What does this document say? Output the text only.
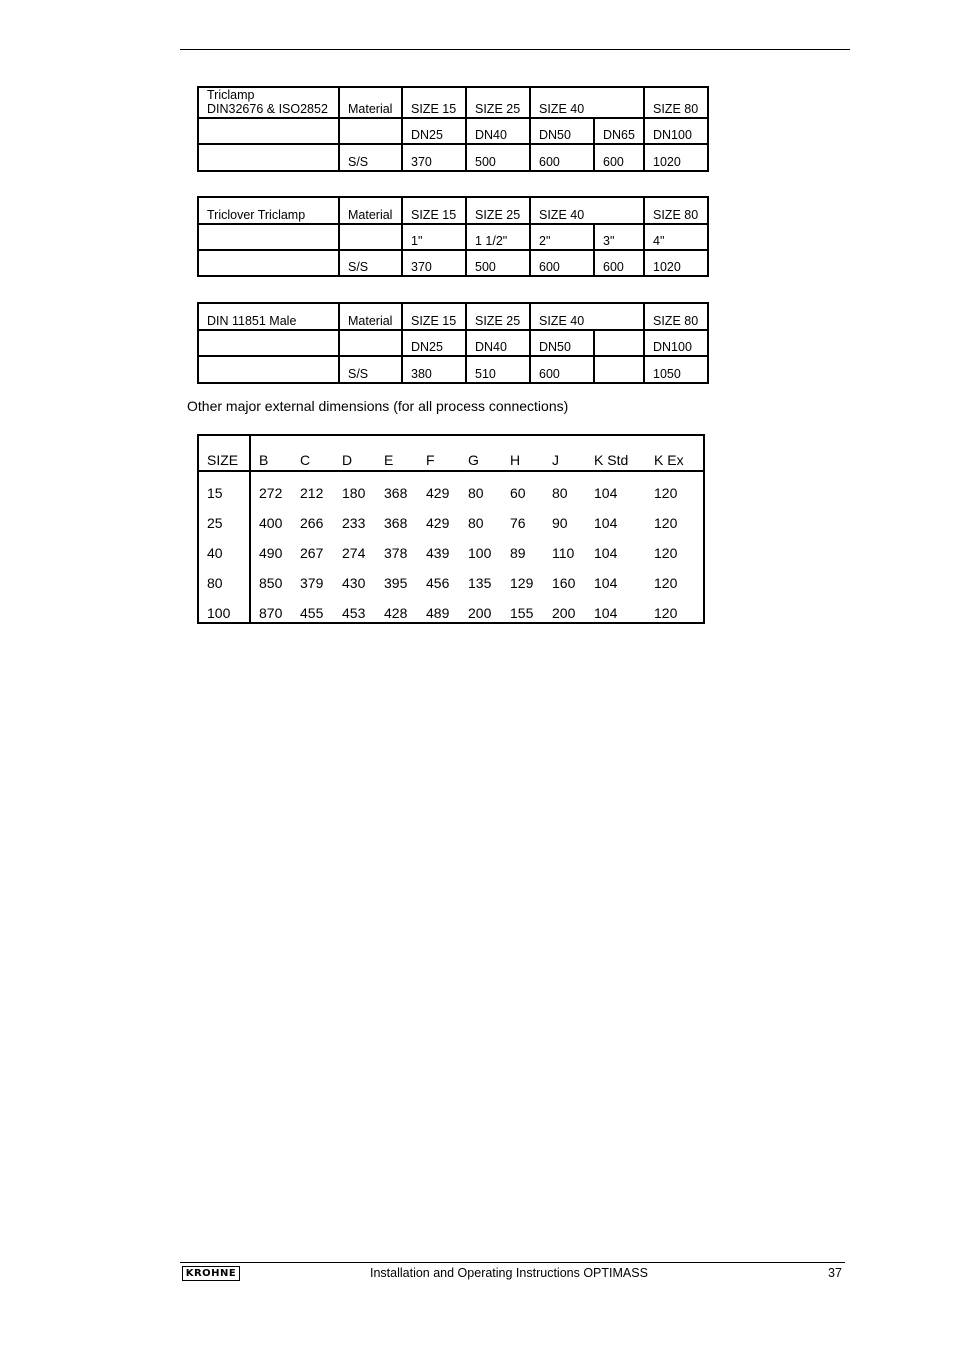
Triclamp
DIN32676 & ISO2852	Material	SIZE 15	SIZE 25	SIZE 40		SIZE 80
		DN25	DN40	DN50	DN65	DN100
	S/S	370	500	600	600	1020
Triclover Triclamp	Material	SIZE 15	SIZE 25	SIZE 40		SIZE 80
		1"	1 1/2"	2"	3"	4"
	S/S	370	500	600	600	1020
DIN 11851 Male	Material	SIZE 15	SIZE 25	SIZE 40		SIZE 80
		DN25	DN40	DN50		DN100
	S/S	380	510	600		1050
Other major external dimensions (for all process connections)
SIZE	B	C	D	E	F	G	H	J	K Std	K Ex
15	272	212	180	368	429	80	60	80	104	120
25	400	266	233	368	429	80	76	90	104	120
40	490	267	274	378	439	100	89	110	104	120
80	850	379	430	395	456	135	129	160	104	120
100	870	455	453	428	489	200	155	200	104	120
KROHNE	Installation and Operating Instructions OPTIMASS	37
